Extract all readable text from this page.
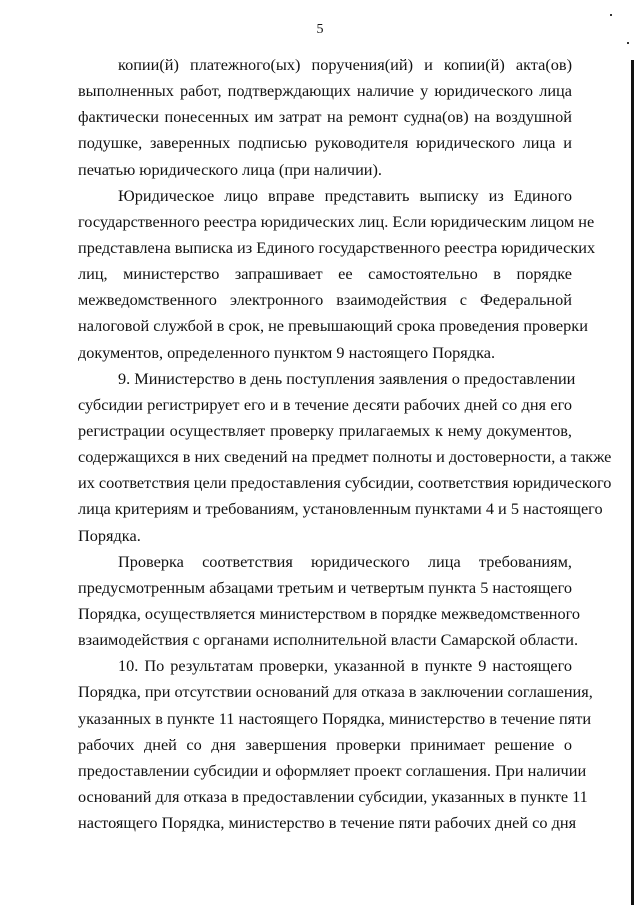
5
копии(й) платежного(ых) поручения(ий) и копии(й) акта(ов)
выполненных работ, подтверждающих наличие у юридического лица
фактически понесенных им затрат на ремонт судна(ов) на воздушной
подушке, заверенных подписью руководителя юридического лица и
печатью юридического лица (при наличии).
Юридическое лицо вправе представить выписку из Единого
государственного реестра юридических лиц. Если юридическим лицом не
представлена выписка из Единого государственного реестра юридических
лиц, министерство запрашивает ее самостоятельно в порядке
межведомственного электронного взаимодействия с Федеральной
налоговой службой в срок, не превышающий срока проведения проверки
документов, определенного пунктом 9 настоящего Порядка.
9. Министерство в день поступления заявления о предоставлении
субсидии регистрирует его и в течение десяти рабочих дней со дня его
регистрации осуществляет проверку прилагаемых к нему документов,
содержащихся в них сведений на предмет полноты и достоверности, а также
их соответствия цели предоставления субсидии, соответствия юридического
лица критериям и требованиям, установленным пунктами 4 и 5 настоящего
Порядка.
Проверка соответствия юридического лица требованиям,
предусмотренным абзацами третьим и четвертым пункта 5 настоящего
Порядка, осуществляется министерством в порядке межведомственного
взаимодействия с органами исполнительной власти Самарской области.
10. По результатам проверки, указанной в пункте 9 настоящего
Порядка, при отсутствии оснований для отказа в заключении соглашения,
указанных в пункте 11 настоящего Порядка, министерство в течение пяти
рабочих дней со дня завершения проверки принимает решение о
предоставлении субсидии и оформляет проект соглашения. При наличии
оснований для отказа в предоставлении субсидии, указанных в пункте 11
настоящего Порядка, министерство в течение пяти рабочих дней со дня
